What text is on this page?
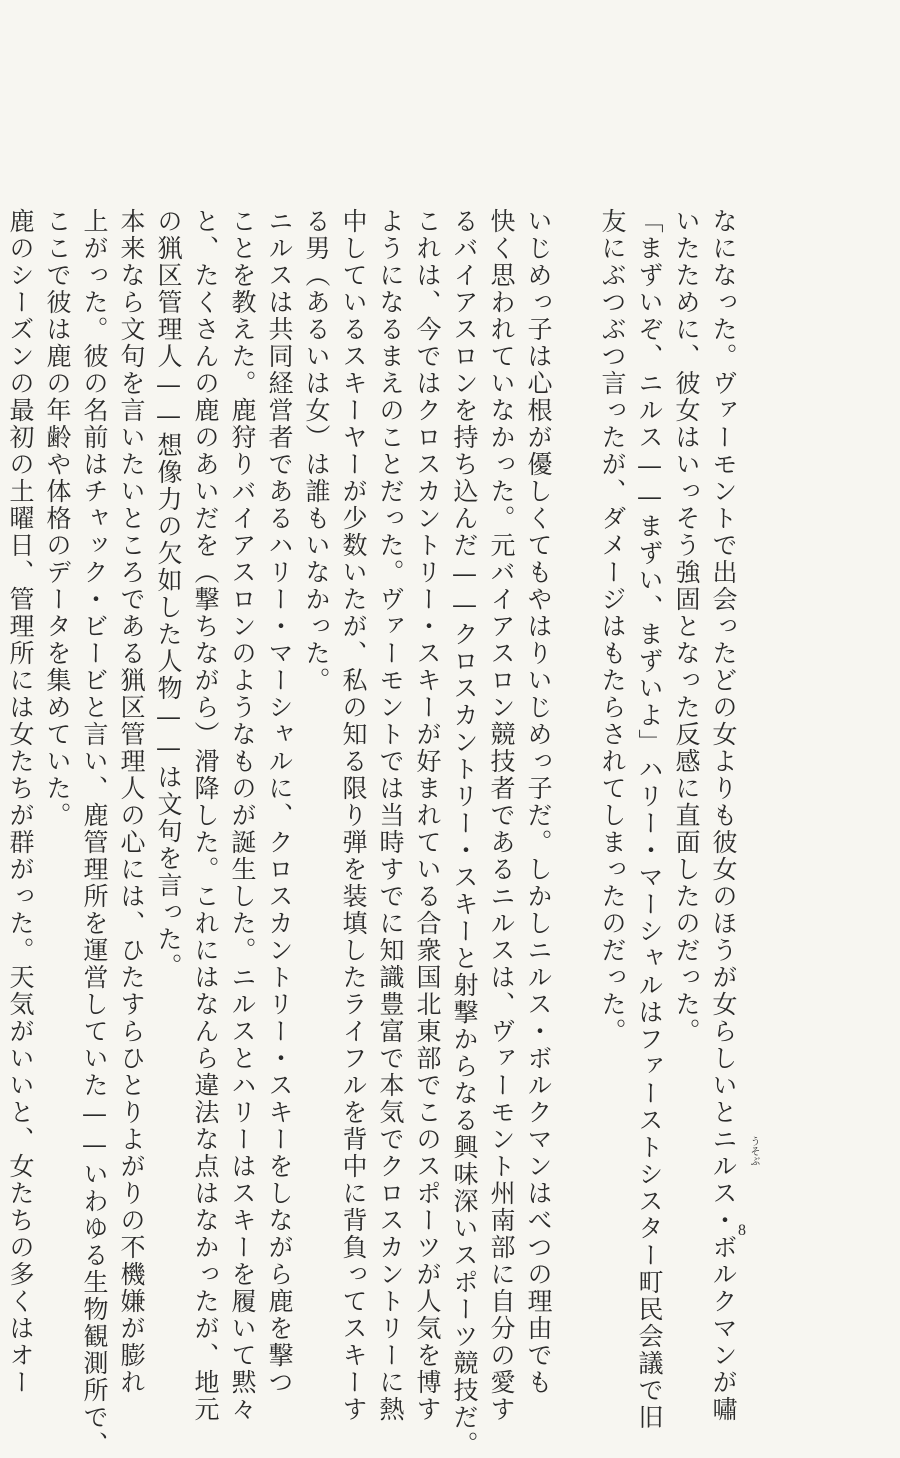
なになった。ヴァーモントで出会ったどの女よりも彼女のほうが女らしいとニルス・ボルクマンが嘯
いたために、彼女はいっそう強固となった反感に直面したのだった。
「まずいぞ、ニルス——まずい、まずいよ」ハリー・マーシャルはファーストシスター町民会議で旧
友にぶつぶつ言ったが、ダメージはもたらされてしまったのだった。
いじめっ子は心根が優しくてもやはりいじめっ子だ。しかしニルス・ボルクマンはべつの理由でも
快く思われていなかった。元バイアスロン競技者であるニルスは、ヴァーモント州南部に自分の愛す
るバイアスロンを持ち込んだ——クロスカントリー・スキーと射撃からなる興味深いスポーツ競技だ。
これは、今ではクロスカントリー・スキーが好まれている合衆国北東部でこのスポーツが人気を博す
ようになるまえのことだった。ヴァーモントでは当時すでに知識豊富で本気でクロスカントリーに熱
中しているスキーヤーが少数いたが、私の知る限り弾を装填したライフルを背中に背負ってスキーす
る男（あるいは女）は誰もいなかった。
ニルスは共同経営者であるハリー・マーシャルに、クロスカントリー・スキーをしながら鹿を撃つ
ことを教えた。鹿狩りバイアスロンのようなものが誕生した。ニルスとハリーはスキーを履いて黙々
と、たくさんの鹿のあいだを（撃ちながら）滑降した。これにはなんら違法な点はなかったが、地元
の猟区管理人——想像力の欠如した人物——は文句を言った。
本来なら文句を言いたいところである猟区管理人の心には、ひたすらひとりよがりの不機嫌が膨れ
上がった。彼の名前はチャック・ビービと言い、鹿管理所を運営していた——いわゆる生物観測所で、
ここで彼は鹿の年齢や体格のデータを集めていた。
鹿のシーズンの最初の土曜日、管理所には女たちが群がった。天気がいいと、女たちの多くはオー	うそぶ
8
